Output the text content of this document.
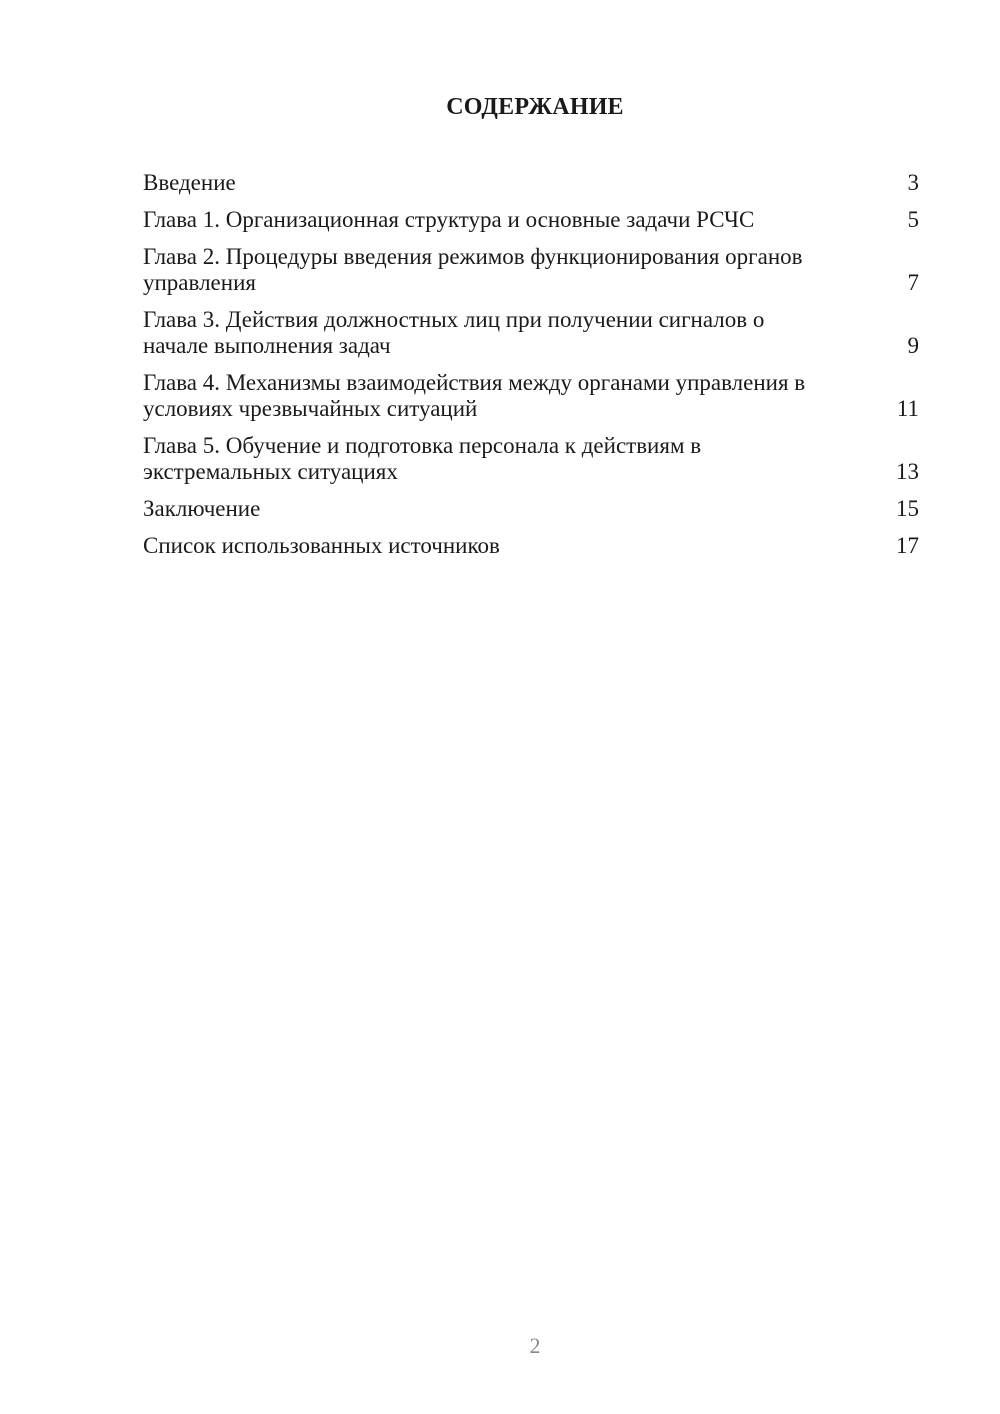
СОДЕРЖАНИЕ
Введение	3
Глава 1. Организационная структура и основные задачи РСЧС	5
Глава 2. Процедуры введения режимов функционирования органов управления	7
Глава 3. Действия должностных лиц при получении сигналов о начале выполнения задач	9
Глава 4. Механизмы взаимодействия между органами управления в условиях чрезвычайных ситуаций	11
Глава 5. Обучение и подготовка персонала к действиям в экстремальных ситуациях	13
Заключение	15
Список использованных источников	17
2
